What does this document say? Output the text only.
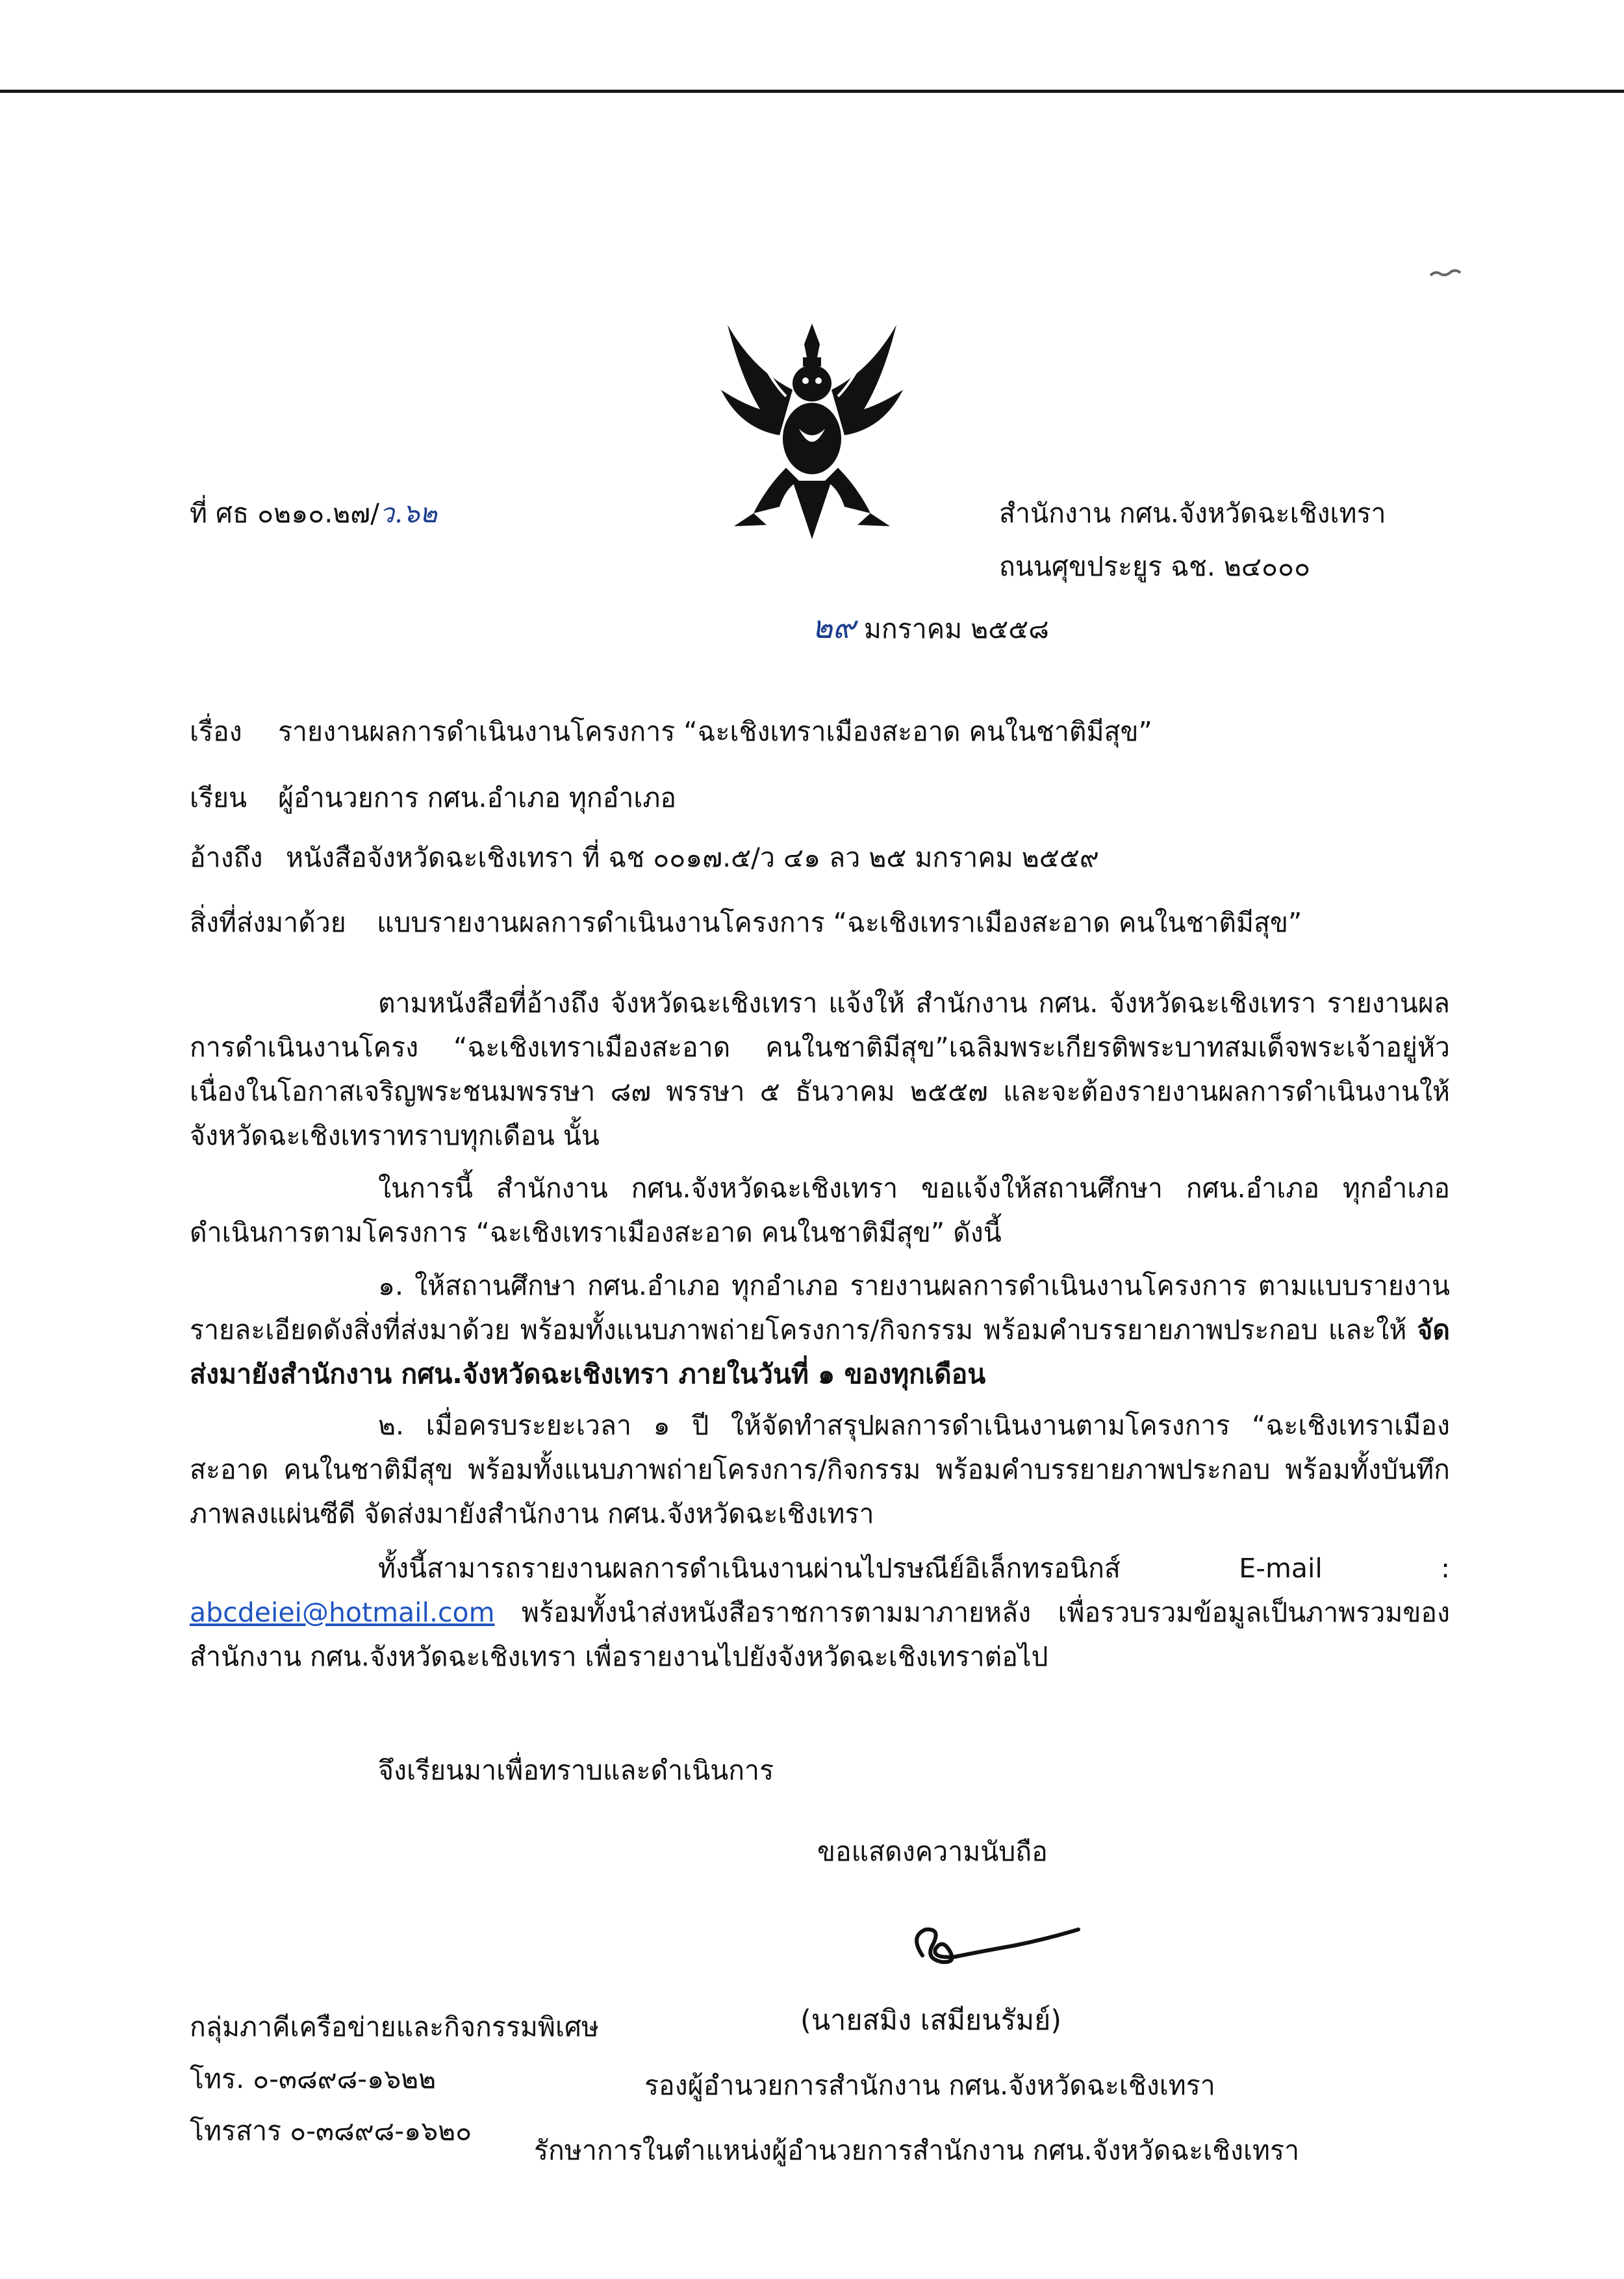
ที่ ศธ ๐๒๑๐.๒๗/ว.๖๒	สำนักงาน กศน.จังหวัดฉะเชิงเทรา
ถนนศุขประยูร ฉช. ๒๔๐๐๐
๒๙ มกราคม ๒๕๕๘
เรื่อง รายงานผลการดำเนินงานโครงการ “ฉะเชิงเทราเมืองสะอาด คนในชาติมีสุข”
เรียน ผู้อำนวยการ กศน.อำเภอ ทุกอำเภอ
อ้างถึง หนังสือจังหวัดฉะเชิงเทรา ที่ ฉช ๐๐๑๗.๕/ว ๔๑ ลว ๒๕ มกราคม ๒๕๕๙
สิ่งที่ส่งมาด้วย แบบรายงานผลการดำเนินงานโครงการ “ฉะเชิงเทราเมืองสะอาด คนในชาติมีสุข”
ตามหนังสือที่อ้างถึง จังหวัดฉะเชิงเทรา แจ้งให้ สำนักงาน กศน. จังหวัดฉะเชิงเทรา รายงานผลการดำเนินงานโครง “ฉะเชิงเทราเมืองสะอาด คนในชาติมีสุข”เฉลิมพระเกียรติพระบาทสมเด็จพระเจ้าอยู่หัว เนื่องในโอกาสเจริญพระชนมพรรษา ๘๗ พรรษา ๕ ธันวาคม ๒๕๕๗ และจะต้องรายงานผลการดำเนินงานให้จังหวัดฉะเชิงเทราทราบทุกเดือน นั้น
ในการนี้ สำนักงาน กศน.จังหวัดฉะเชิงเทรา ขอแจ้งให้สถานศึกษา กศน.อำเภอ ทุกอำเภอ ดำเนินการตามโครงการ “ฉะเชิงเทราเมืองสะอาด คนในชาติมีสุข” ดังนี้
๑. ให้สถานศึกษา กศน.อำเภอ ทุกอำเภอ รายงานผลการดำเนินงานโครงการ ตามแบบรายงานรายละเอียดดังสิ่งที่ส่งมาด้วย พร้อมทั้งแนบภาพถ่ายโครงการ/กิจกรรม พร้อมคำบรรยายภาพประกอบ และให้ จัดส่งมายังสำนักงาน กศน.จังหวัดฉะเชิงเทรา ภายในวันที่ ๑ ของทุกเดือน
๒. เมื่อครบระยะเวลา ๑ ปี ให้จัดทำสรุปผลการดำเนินงานตามโครงการ “ฉะเชิงเทราเมืองสะอาด คนในชาติมีสุข พร้อมทั้งแนบภาพถ่ายโครงการ/กิจกรรม พร้อมคำบรรยายภาพประกอบ พร้อมทั้งบันทึกภาพลงแผ่นซีดี จัดส่งมายังสำนักงาน กศน.จังหวัดฉะเชิงเทรา
ทั้งนี้สามารถรายงานผลการดำเนินงานผ่านไปรษณีย์อิเล็กทรอนิกส์ E-mail : abcdeiei@hotmail.com พร้อมทั้งนำส่งหนังสือราชการตามมาภายหลัง เพื่อรวบรวมข้อมูลเป็นภาพรวมของสำนักงาน กศน.จังหวัดฉะเชิงเทรา เพื่อรายงานไปยังจังหวัดฉะเชิงเทราต่อไป
จึงเรียนมาเพื่อทราบและดำเนินการ
ขอแสดงความนับถือ
(นายสมิง เสมียนรัมย์)
รองผู้อำนวยการสำนักงาน กศน.จังหวัดฉะเชิงเทรา
รักษาการในตำแหน่งผู้อำนวยการสำนักงาน กศน.จังหวัดฉะเชิงเทรา
กลุ่มภาคีเครือข่ายและกิจกรรมพิเศษ
โทร. ๐-๓๘๙๘-๑๖๒๒
โทรสาร ๐-๓๘๙๘-๑๖๒๐
